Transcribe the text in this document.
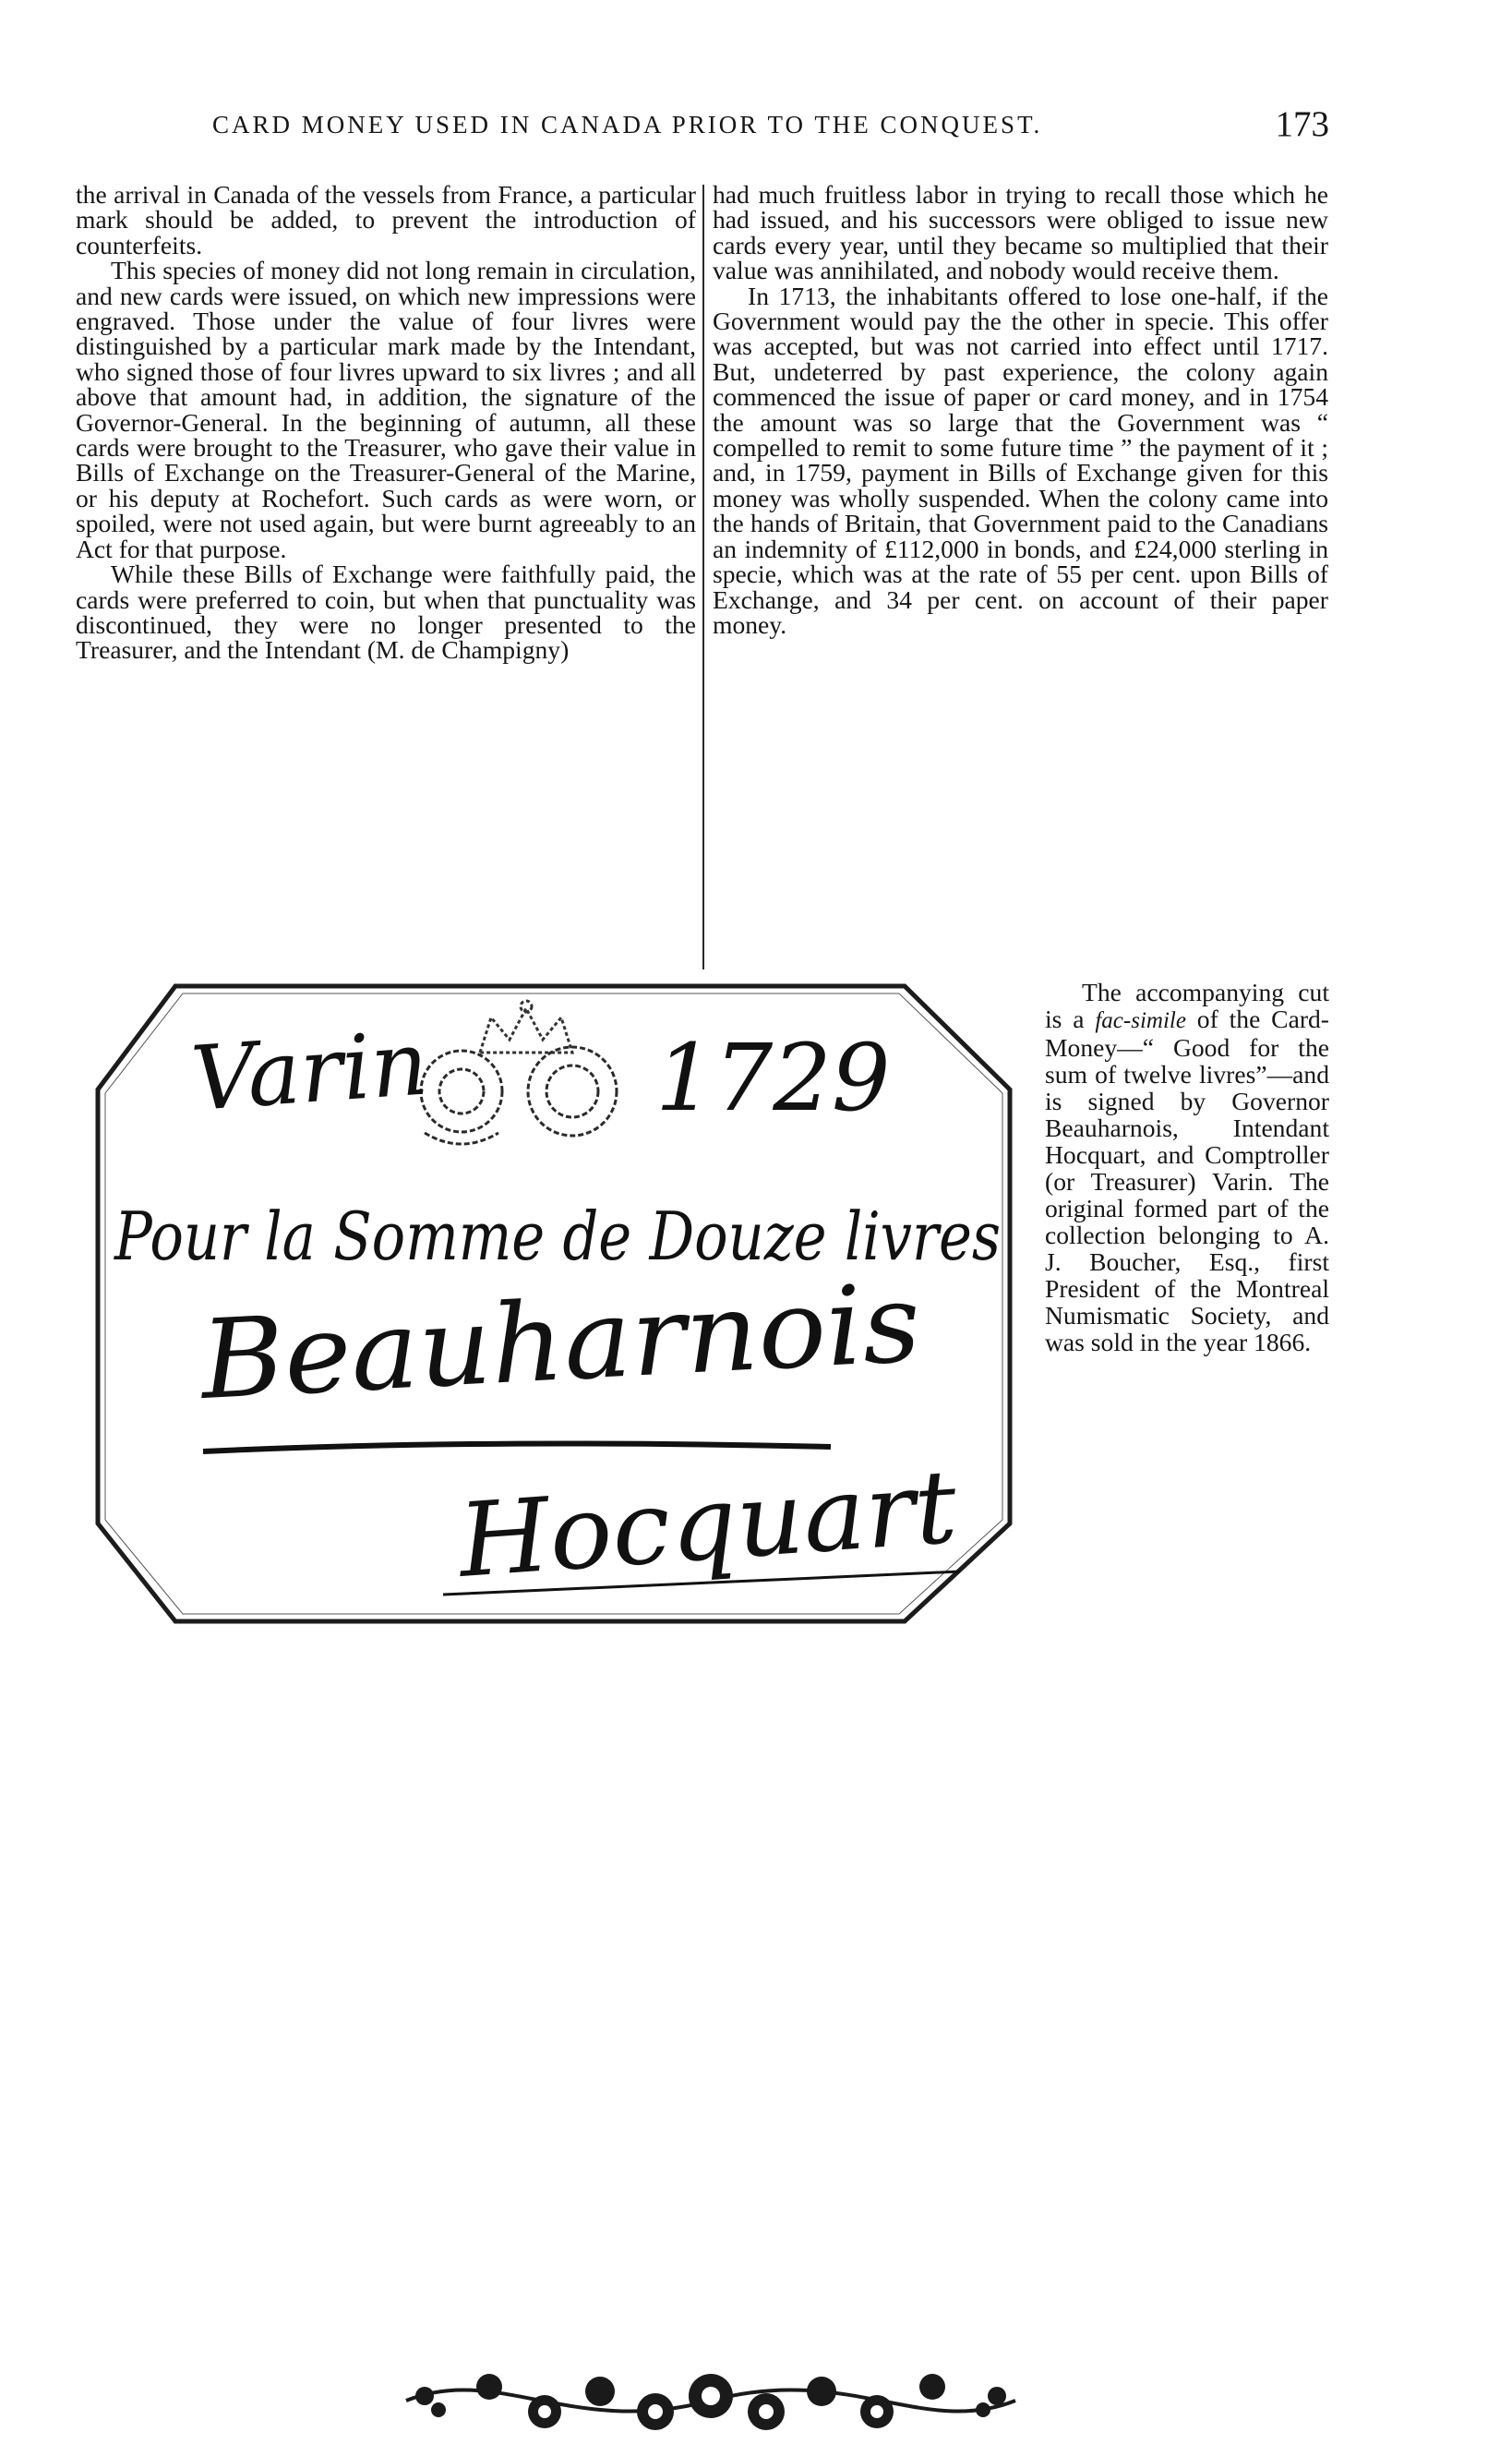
CARD MONEY USED IN CANADA PRIOR TO THE CONQUEST.	173

the arrival in Canada of the vessels from France, a particular mark should be added, to prevent the introduction of counterfeits.

This species of money did not long remain in circulation, and new cards were issued, on which new impressions were engraved. Those under the value of four livres were distinguished by a particular mark made by the Intendant, who signed those of four livres upward to six livres ; and all above that amount had, in addition, the signature of the Governor-General. In the beginning of autumn, all these cards were brought to the Treasurer, who gave their value in Bills of Exchange on the Treasurer-General of the Marine, or his deputy at Rochefort. Such cards as were worn, or spoiled, were not used again, but were burnt agreeably to an Act for that purpose.

While these Bills of Exchange were faithfully paid, the cards were preferred to coin, but when that punctuality was discontinued, they were no longer presented to the Treasurer, and the Intendant (M. de Champigny)

had much fruitless labor in trying to recall those which he had issued, and his successors were obliged to issue new cards every year, until they became so multiplied that their value was annihilated, and nobody would receive them.

In 1713, the inhabitants offered to lose one-half, if the Government would pay the the other in specie. This offer was accepted, but was not carried into effect until 1717. But, undeterred by past experience, the colony again commenced the issue of paper or card money, and in 1754 the amount was so large that the Government was “ compelled to remit to some future time ” the payment of it ; and, in 1759, payment in Bills of Exchange given for this money was wholly suspended. When the colony came into the hands of Britain, that Government paid to the Canadians an indemnity of £112,000 in bonds, and £24,000 sterling in specie, which was at the rate of 55 per cent. upon Bills of Exchange, and 34 per cent. on account of their paper money.

Varin 1729
Pour la Somme de Douze livres
Beauharnois
Hocquart

The accompanying cut is a fac-simile of the Card-Money—“ Good for the sum of twelve livres”—and is signed by Governor Beauharnois, Intendant Hocquart, and Comptroller (or Treasurer) Varin. The original formed part of the collection belonging to A. J. Boucher, Esq., first President of the Montreal Numismatic Society, and was sold in the year 1866.
